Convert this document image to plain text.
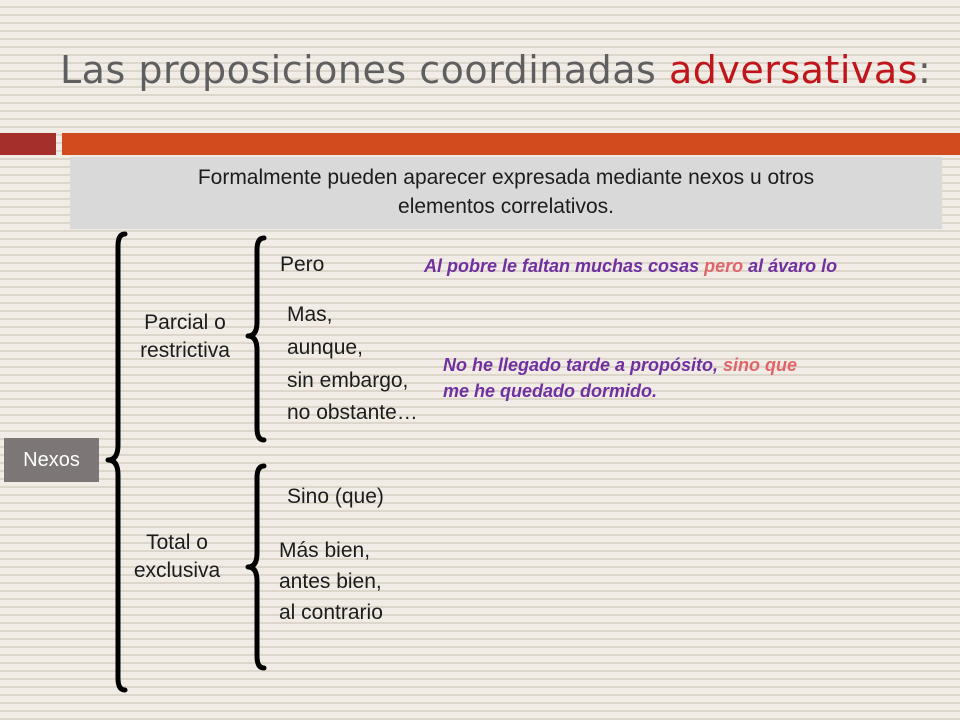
Las proposiciones coordinadas adversativas:
Formalmente pueden aparecer expresada mediante nexos u otros
elementos correlativos.
Nexos
Parcial o
restrictiva
Total o
exclusiva
Pero
Mas,
aunque,
sin embargo,
no obstante…
Sino (que)
Más bien,
antes bien,
al contrario
Al pobre le faltan muchas cosas pero al ávaro lo
No he llegado tarde a propósito, sino que
me he quedado dormido.
